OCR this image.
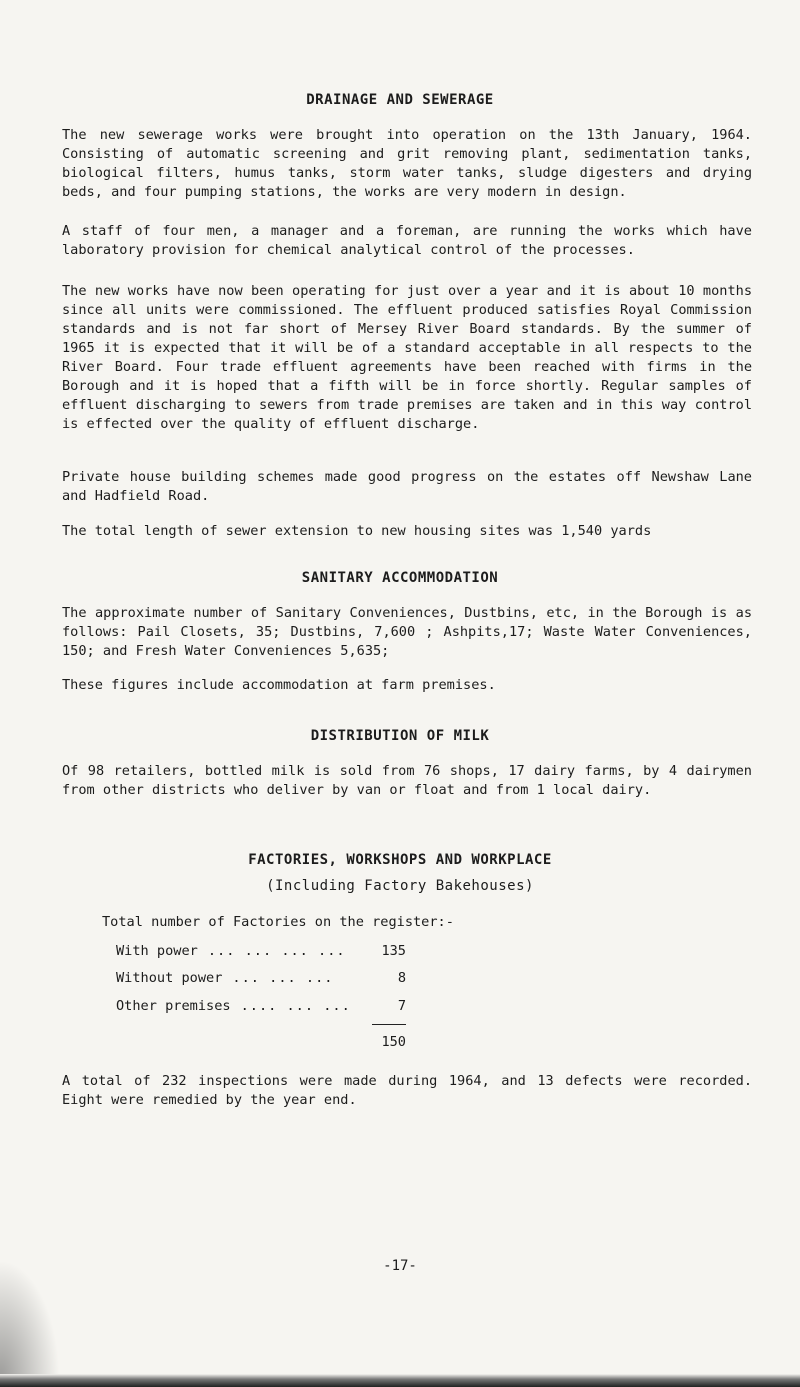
DRAINAGE AND SEWERAGE

The new sewerage works were brought into operation on the 13th January, 1964. Consisting of automatic screening and grit removing plant, sedimentation tanks, biological filters, humus tanks, storm water tanks, sludge digesters and drying beds, and four pumping stations, the works are very modern in design.

A staff of four men, a manager and a foreman, are running the works which have laboratory provision for chemical analytical control of the processes.

The new works have now been operating for just over a year and it is about 10 months since all units were commissioned. The effluent produced satisfies Royal Commission standards and is not far short of Mersey River Board standards. By the summer of 1965 it is expected that it will be of a standard acceptable in all respects to the River Board. Four trade effluent agreements have been reached with firms in the Borough and it is hoped that a fifth will be in force shortly. Regular samples of effluent discharging to sewers from trade premises are taken and in this way control is effected over the quality of effluent discharge.

Private house building schemes made good progress on the estates off Newshaw Lane and Hadfield Road.

The total length of sewer extension to new housing sites was 1,540 yards

SANITARY ACCOMMODATION

The approximate number of Sanitary Conveniences, Dustbins, etc, in the Borough is as follows: Pail Closets, 35; Dustbins, 7,600 ; Ashpits,17; Waste Water Conveniences, 150; and Fresh Water Conveniences 5,635;

These figures include accommodation at farm premises.

DISTRIBUTION OF MILK

Of 98 retailers, bottled milk is sold from 76 shops, 17 dairy farms, by 4 dairymen from other districts who deliver by van or float and from 1 local dairy.

FACTORIES, WORKSHOPS AND WORKPLACE
(Including Factory Bakehouses)
Total number of Factories on the register:-
With power ... ... ... ...	135
Without power ... ... ...	8
Other premises .... ... ...	7
150

A total of 232 inspections were made during 1964, and 13 defects were recorded. Eight were remedied by the year end.

-17-
